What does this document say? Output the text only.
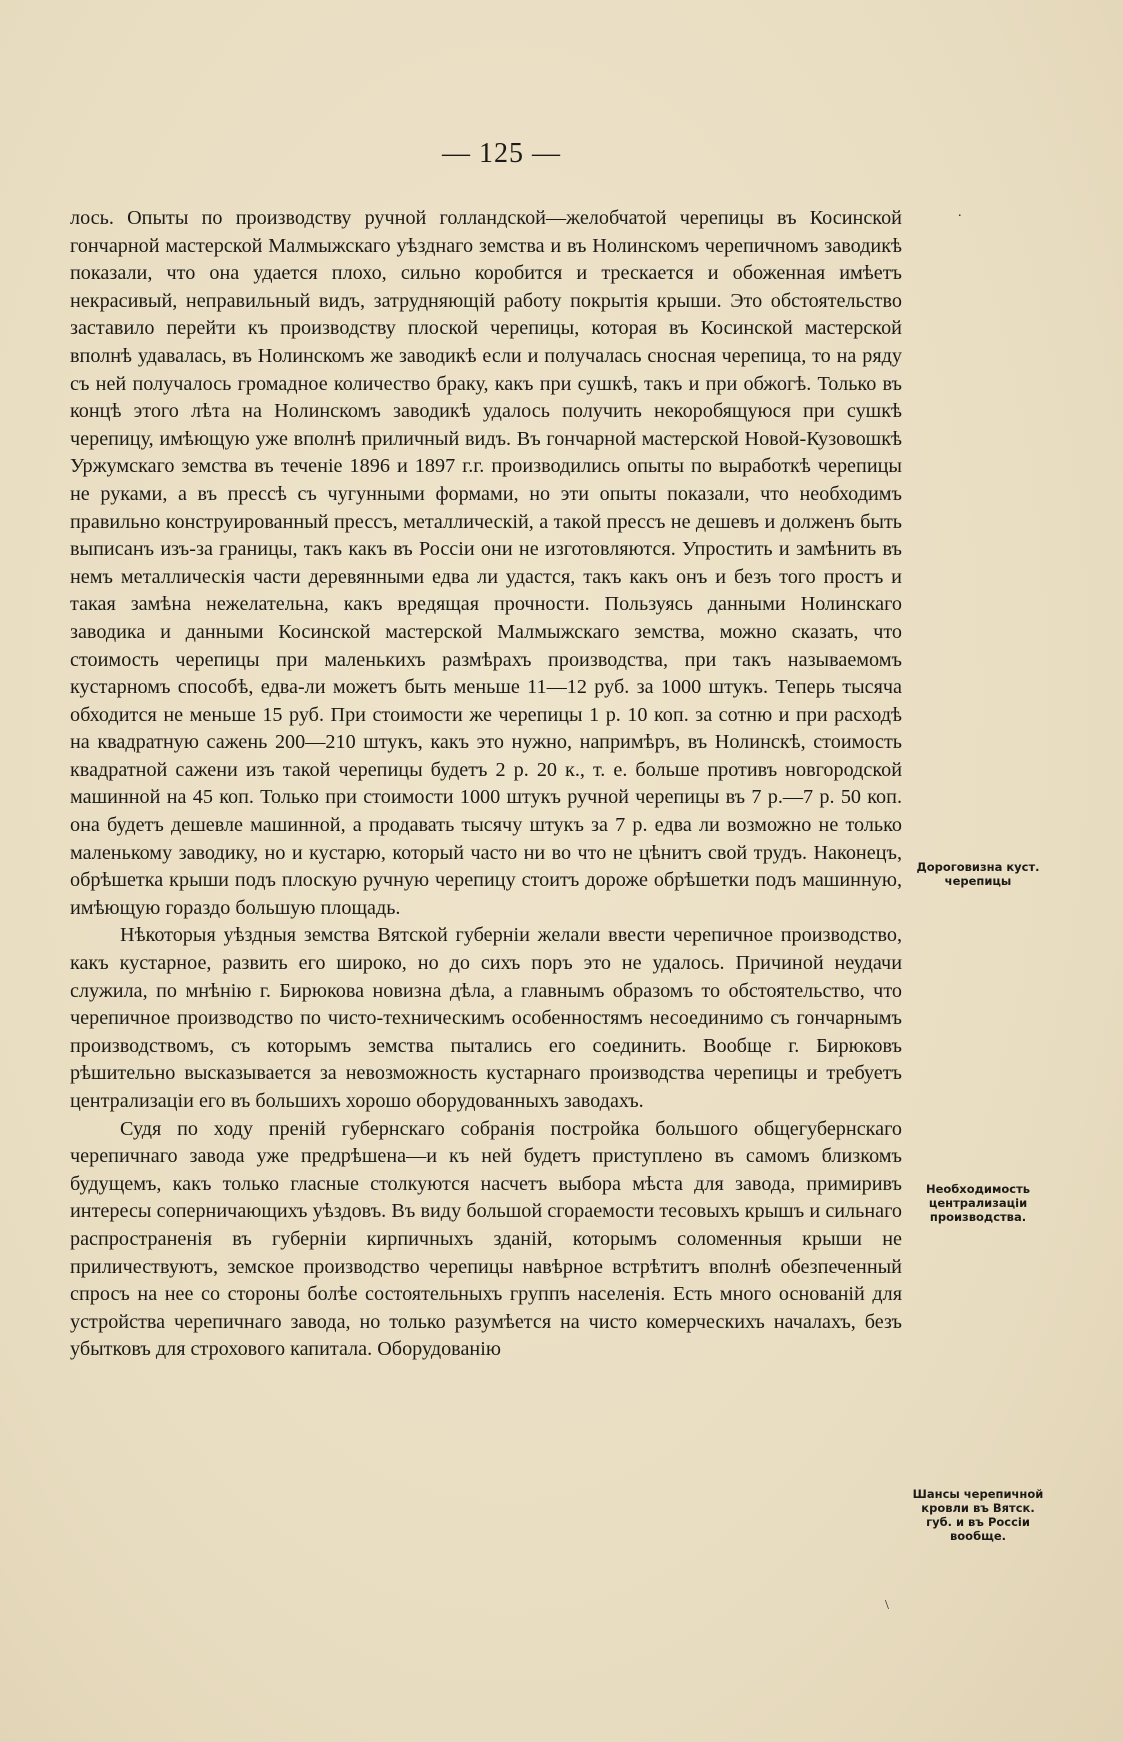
— 125 —

лось. Опыты по производству ручной голландской—желобчатой черепицы въ Косинской гончарной мастерской Малмыжскаго уѣзднаго земства и въ Нолинскомъ черепичномъ заводикѣ показали, что она удается плохо, сильно коробится и трескается и обоженная имѣетъ некрасивый, неправильный видъ, затрудняющій работу покрытія крыши. Это обстоятельство заставило перейти къ производству плоской черепицы, которая въ Косинской мастерской вполнѣ удавалась, въ Нолинскомъ же заводикѣ если и получалась сносная черепица, то на ряду съ ней получалось громадное количество браку, какъ при сушкѣ, такъ и при обжогѣ. Только въ концѣ этого лѣта на Нолинскомъ заводикѣ удалось получить некоробящуюся при сушкѣ черепицу, имѣющую уже вполнѣ приличный видъ. Въ гончарной мастерской Новой-Кузовошкѣ Уржумскаго земства въ теченіе 1896 и 1897 г.г. производились опыты по выработкѣ черепицы не руками, а въ прессѣ съ чугунными формами, но эти опыты показали, что необходимъ правильно конструированный прессъ, металлическій, а такой прессъ не дешевъ и долженъ быть выписанъ изъ-за границы, такъ какъ въ Россіи они не изготовляются. Упростить и замѣнить въ немъ металлическія части деревянными едва ли удастся, такъ какъ онъ и безъ того простъ и такая замѣна нежелательна, какъ вредящая прочности. Пользуясь данными Нолинскаго заводика и данными Косинской мастерской Малмыжскаго земства, можно сказать, что стоимость черепицы при маленькихъ размѣрахъ производства, при такъ называемомъ кустарномъ способѣ, едва-ли можетъ быть меньше 11—12 руб. за 1000 штукъ. Теперь тысяча обходится не меньше 15 руб. При стоимости же черепицы 1 р. 10 коп. за сотню и при расходѣ на квадратную сажень 200—210 штукъ, какъ это нужно, напримѣръ, въ Нолинскѣ, стоимость квадратной сажени изъ такой черепицы будетъ 2 р. 20 к., т. е. больше противъ новгородской машинной на 45 коп. Только при стоимости 1000 штукъ ручной черепицы въ 7 р.—7 р. 50 коп. она будетъ дешевле машинной, а продавать тысячу штукъ за 7 р. едва ли возможно не только маленькому заводику, но и кустарю, который часто ни во что не цѣнитъ свой трудъ. Наконецъ, обрѣшетка крыши подъ плоскую ручную черепицу стоитъ дороже обрѣшетки подъ машинную, имѣющую гораздо большую площадь.

Нѣкоторыя уѣздныя земства Вятской губерніи желали ввести черепичное производство, какъ кустарное, развить его широко, но до сихъ поръ это не удалось. Причиной неудачи служила, по мнѣнію г. Бирюкова новизна дѣла, а главнымъ образомъ то обстоятельство, что черепичное производство по чисто-техническимъ особенностямъ несоединимо съ гончарнымъ производствомъ, съ которымъ земства пытались его соединить. Вообще г. Бирюковъ рѣшительно высказывается за невозможность кустарнаго производства черепицы и требуетъ централизаціи его въ большихъ хорошо оборудованныхъ заводахъ.

Судя по ходу преній губернскаго собранія постройка большого общегубернскаго черепичнаго завода уже предрѣшена—и къ ней будетъ приступлено въ самомъ близкомъ будущемъ, какъ только гласные столкуются насчетъ выбора мѣста для завода, примиривъ интересы соперничающихъ уѣздовъ. Въ виду большой сгораемости тесовыхъ крышъ и сильнаго распространенія въ губерніи кирпичныхъ зданій, которымъ соломенныя крыши не приличествуютъ, земское производство черепицы навѣрное встрѣтитъ вполнѣ обезпеченный спросъ на нее со стороны болѣе состоятельныхъ группъ населенія. Есть много основаній для устройства черепичнаго завода, но только разумѣется на чисто комерческихъ началахъ, безъ убытковъ для строхового капитала. Оборудованію

Дороговизна куст. черепицы
Необходимость централизаціи производства.
Шансы черепичной кровли въ Вятск. губ. и въ Россіи вообще.
.
\
